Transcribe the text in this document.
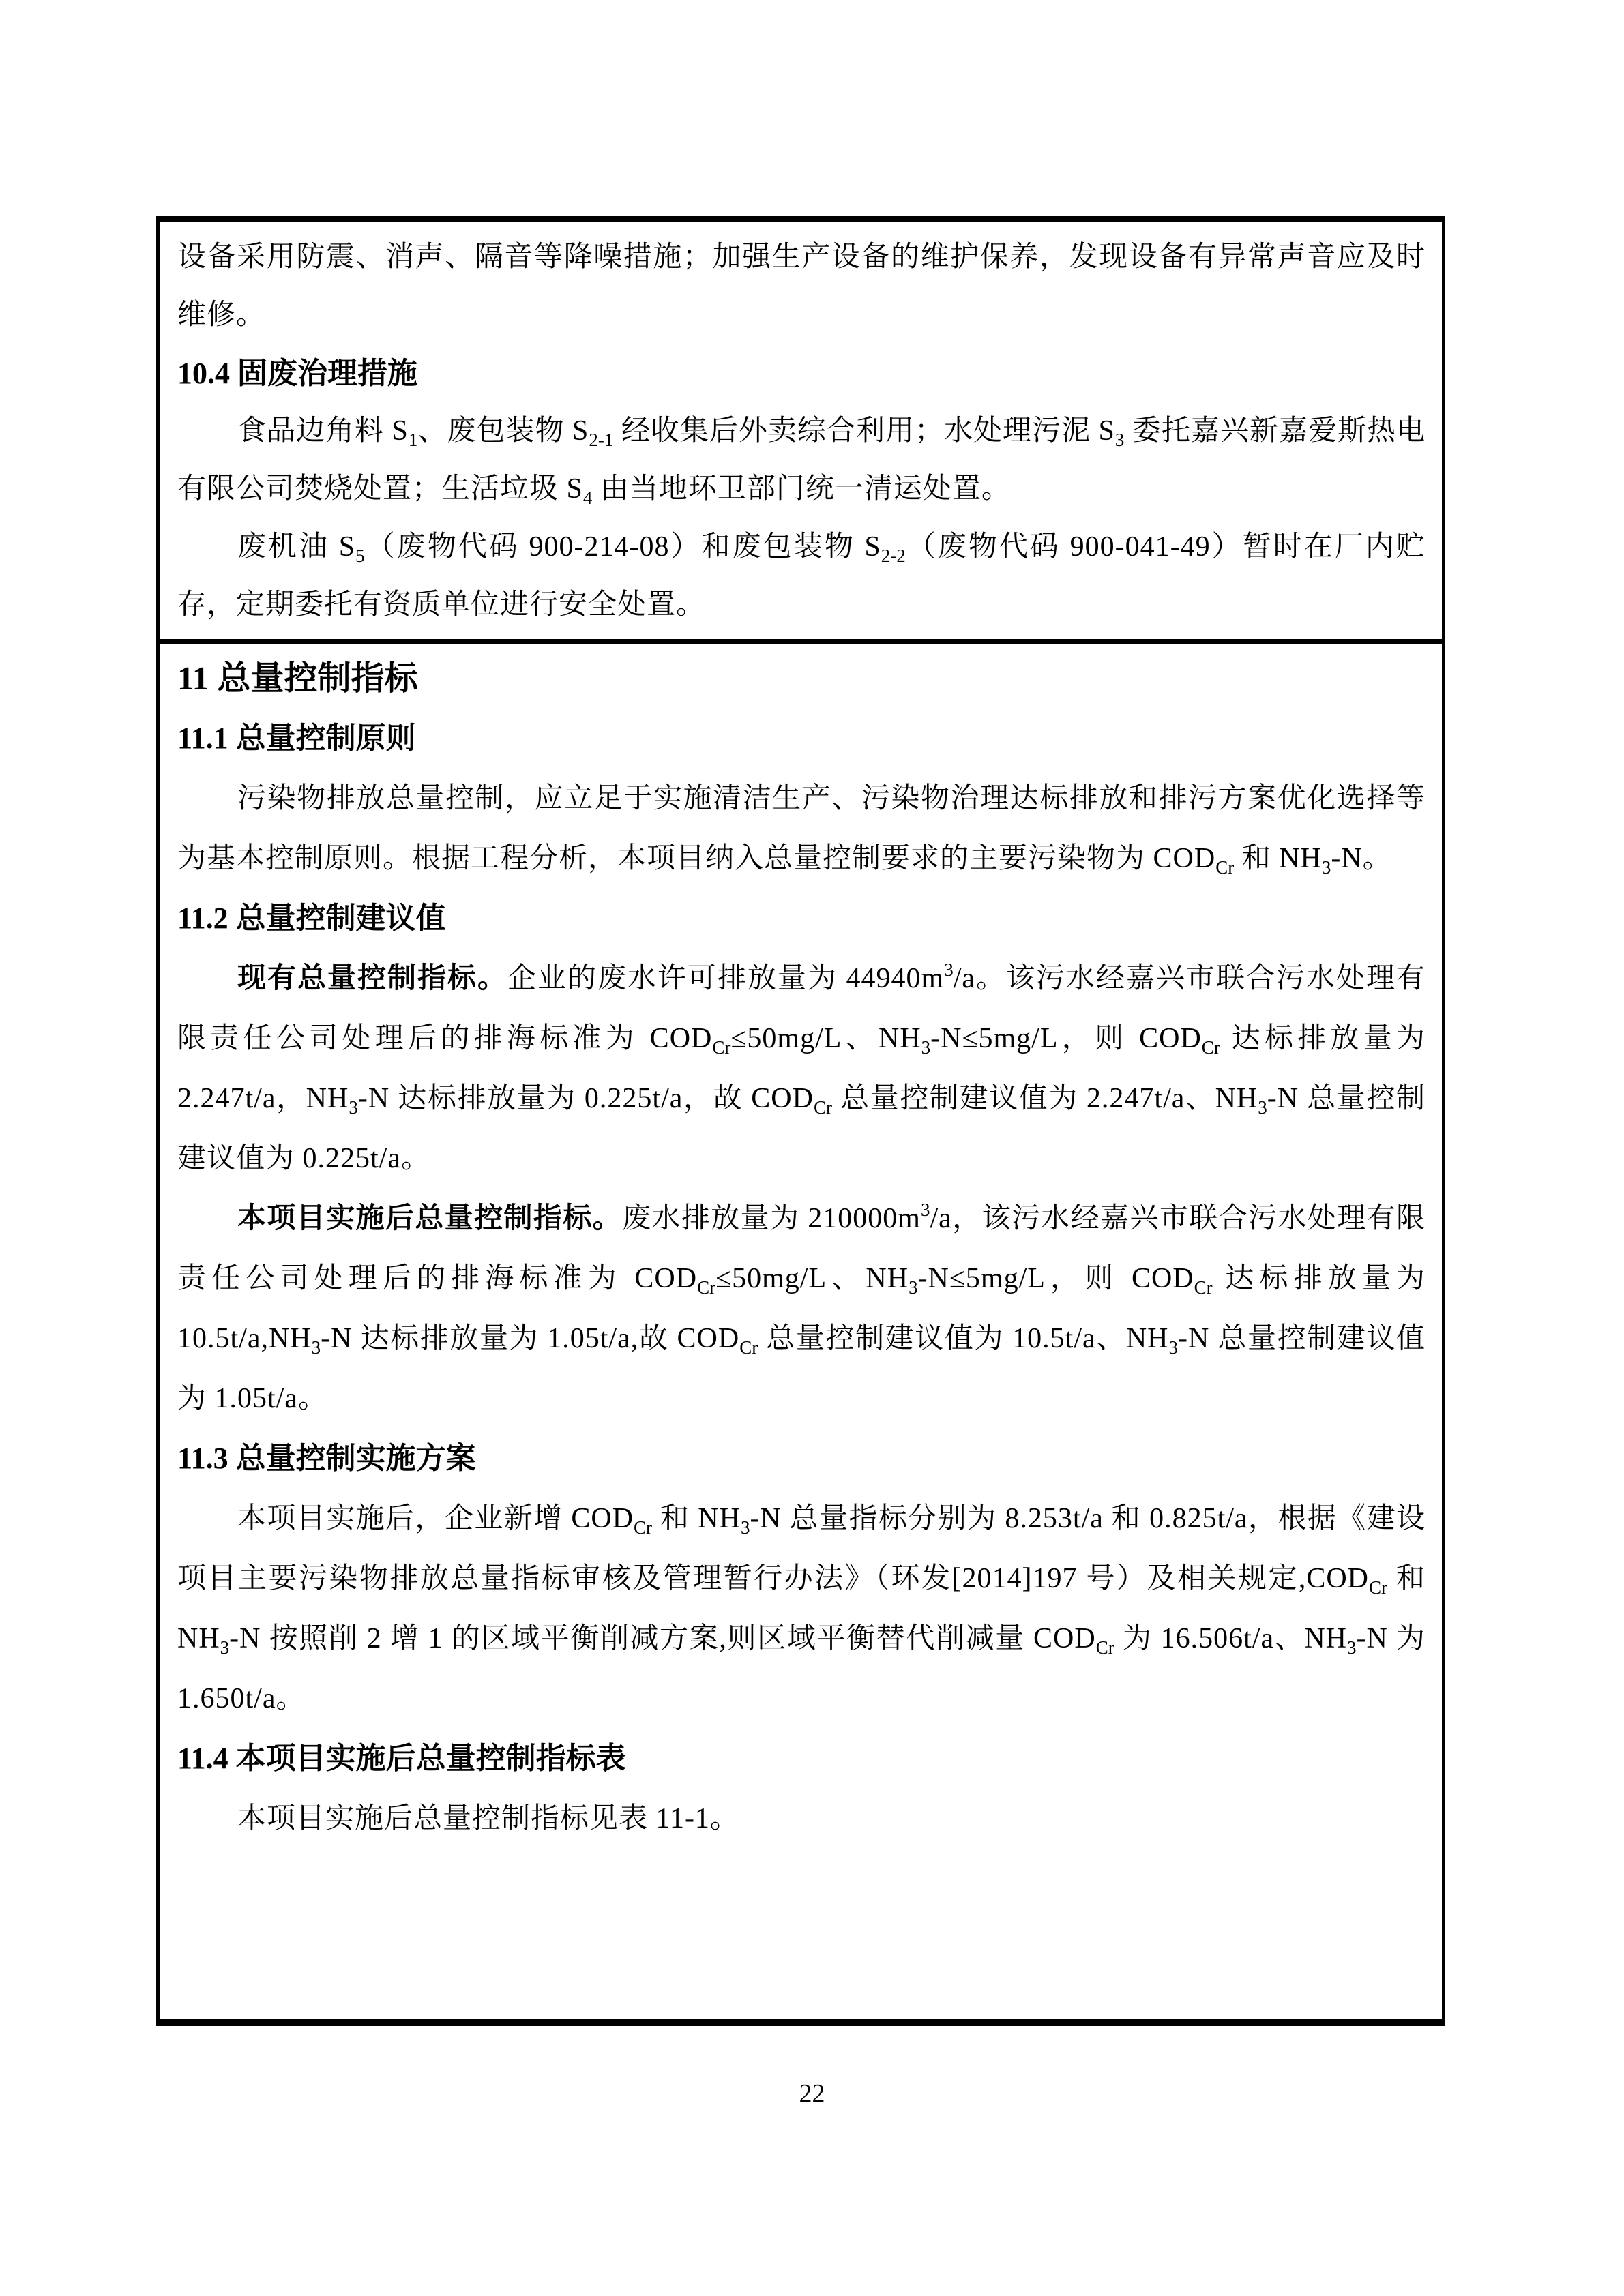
设备采用防震、消声、隔音等降噪措施；加强生产设备的维护保养，发现设备有异常声音应及时维修。

10.4 固废治理措施

食品边角料 $S_1$、废包装物 $S_{2-1}$ 经收集后外卖综合利用；水处理污泥 $S_3$ 委托嘉兴新嘉爱斯热电有限公司焚烧处置；生活垃圾 $S_4$ 由当地环卫部门统一清运处置。

废机油 $S_5$（废物代码 900-214-08）和废包装物 $S_{2-2}$（废物代码 900-041-49）暂时在厂内贮存，定期委托有资质单位进行安全处置。

11 总量控制指标
11.1 总量控制原则

污染物排放总量控制，应立足于实施清洁生产、污染物治理达标排放和排污方案优化选择等为基本控制原则。根据工程分析，本项目纳入总量控制要求的主要污染物为 $COD_{Cr}$ 和 $NH_3-N$。

11.2 总量控制建议值

现有总量控制指标。企业的废水许可排放量为 $44940m^3/a$。该污水经嘉兴市联合污水处理有限责任公司处理后的排海标准为 $COD_{Cr}\le 50mg/L$、$NH_3-N\le 5mg/L$，则 $COD_{Cr}$ 达标排放量为 2.247t/a，$NH_3-N$ 达标排放量为 0.225t/a，故 $COD_{Cr}$ 总量控制建议值为 2.247t/a、$NH_3-N$ 总量控制建议值为 0.225t/a。

本项目实施后总量控制指标。废水排放量为 $210000m^3/a$，该污水经嘉兴市联合污水处理有限责任公司处理后的排海标准为 $COD_{Cr}\le 50mg/L$、$NH_3-N\le 5mg/L$，则 $COD_{Cr}$ 达标排放量为 $10.5t/a,NH_3-N$ 达标排放量为 1.05t/a,故 $COD_{Cr}$ 总量控制建议值为 10.5t/a、$NH_3-N$ 总量控制建议值为 1.05t/a。

11.3 总量控制实施方案

本项目实施后，企业新增 $COD_{Cr}$ 和 $NH_3-N$ 总量指标分别为 8.253t/a 和 0.825t/a，根据《建设项目主要污染物排放总量指标审核及管理暂行办法》（环发[2014]197 号）及相关规定$,COD_{Cr}$ 和 $NH_3-N$ 按照削 2 增 1 的区域平衡削减方案,则区域平衡替代削减量 $COD_{Cr}$ 为 16.506t/a、$NH_3-N$ 为 1.650t/a。

11.4 本项目实施后总量控制指标表

本项目实施后总量控制指标见表 11-1。

22
